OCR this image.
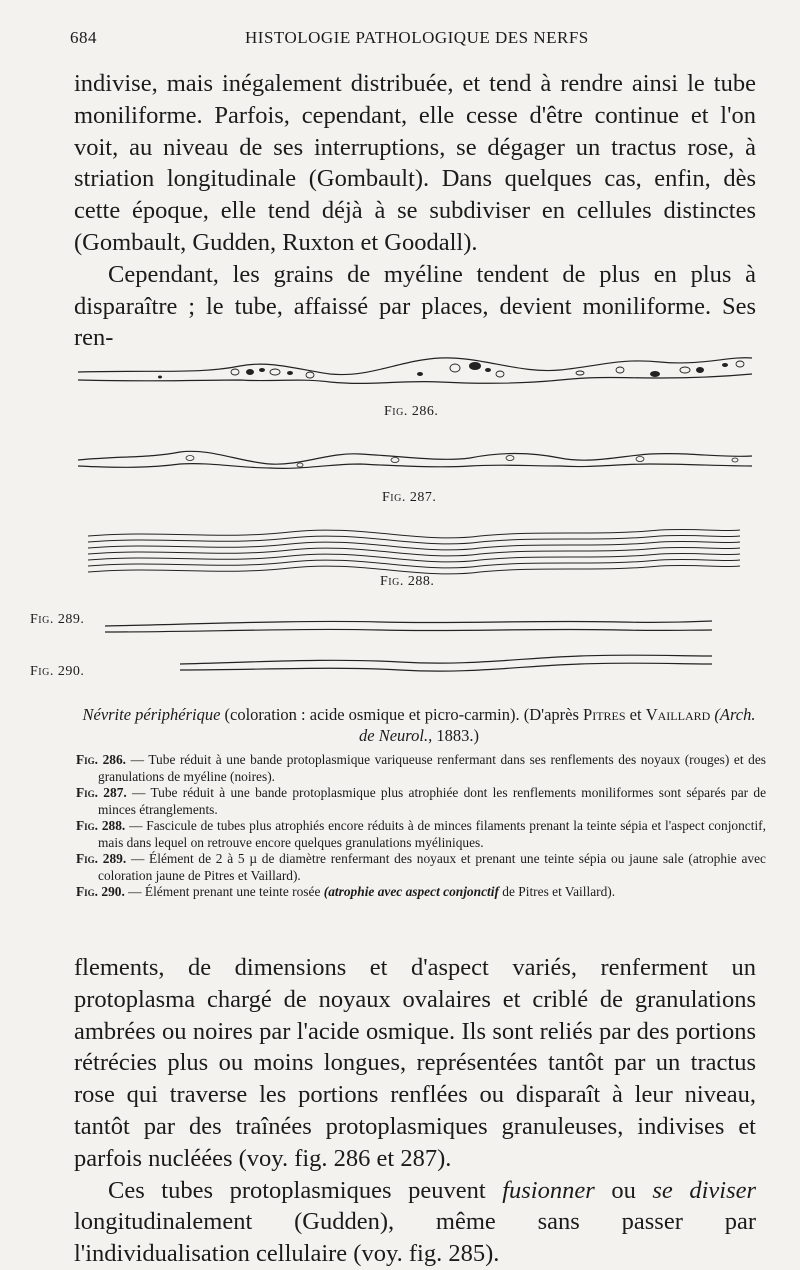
684	HISTOLOGIE PATHOLOGIQUE DES NERFS

indivise, mais inégalement distribuée, et tend à rendre ainsi le tube moniliforme. Parfois, cependant, elle cesse d'être continue et l'on voit, au niveau de ses interruptions, se dégager un tractus rose, à striation longitudinale (Gombault). Dans quelques cas, enfin, dès cette époque, elle tend déjà à se subdiviser en cellules distinctes (Gombault, Gudden, Ruxton et Goodall).

Cependant, les grains de myéline tendent de plus en plus à disparaître ; le tube, affaissé par places, devient moniliforme. Ses ren-

Fig. 286.
Fig. 287.
Fig. 288.
Fig. 289.
Fig. 290.
Névrite périphérique (coloration : acide osmique et picro-carmin). (D'après Pitres et Vaillard (Arch. de Neurol., 1883.)
Fig. 286. — Tube réduit à une bande protoplasmique variqueuse renfermant dans ses renflements des noyaux (rouges) et des granulations de myéline (noires).
Fig. 287. — Tube réduit à une bande protoplasmique plus atrophiée dont les renflements moniliformes sont séparés par de minces étranglements.
Fig. 288. — Fascicule de tubes plus atrophiés encore réduits à de minces filaments prenant la teinte sépia et l'aspect conjonctif, mais dans lequel on retrouve encore quelques granulations myéliniques.
Fig. 289. — Élément de 2 à 5 µ de diamètre renfermant des noyaux et prenant une teinte sépia ou jaune sale (atrophie avec coloration jaune de Pitres et Vaillard).
Fig. 290. — Élément prenant une teinte rosée (atrophie avec aspect conjonctif de Pitres et Vaillard).

flements, de dimensions et d'aspect variés, renferment un protoplasma chargé de noyaux ovalaires et criblé de granulations ambrées ou noires par l'acide osmique. Ils sont reliés par des portions rétrécies plus ou moins longues, représentées tantôt par un tractus rose qui traverse les portions renflées ou disparaît à leur niveau, tantôt par des traînées protoplasmiques granuleuses, indivises et parfois nucléées (voy. fig. 286 et 287).

Ces tubes protoplasmiques peuvent fusionner ou se diviser longitudinalement (Gudden), même sans passer par l'individualisation cellulaire (voy. fig. 285).
